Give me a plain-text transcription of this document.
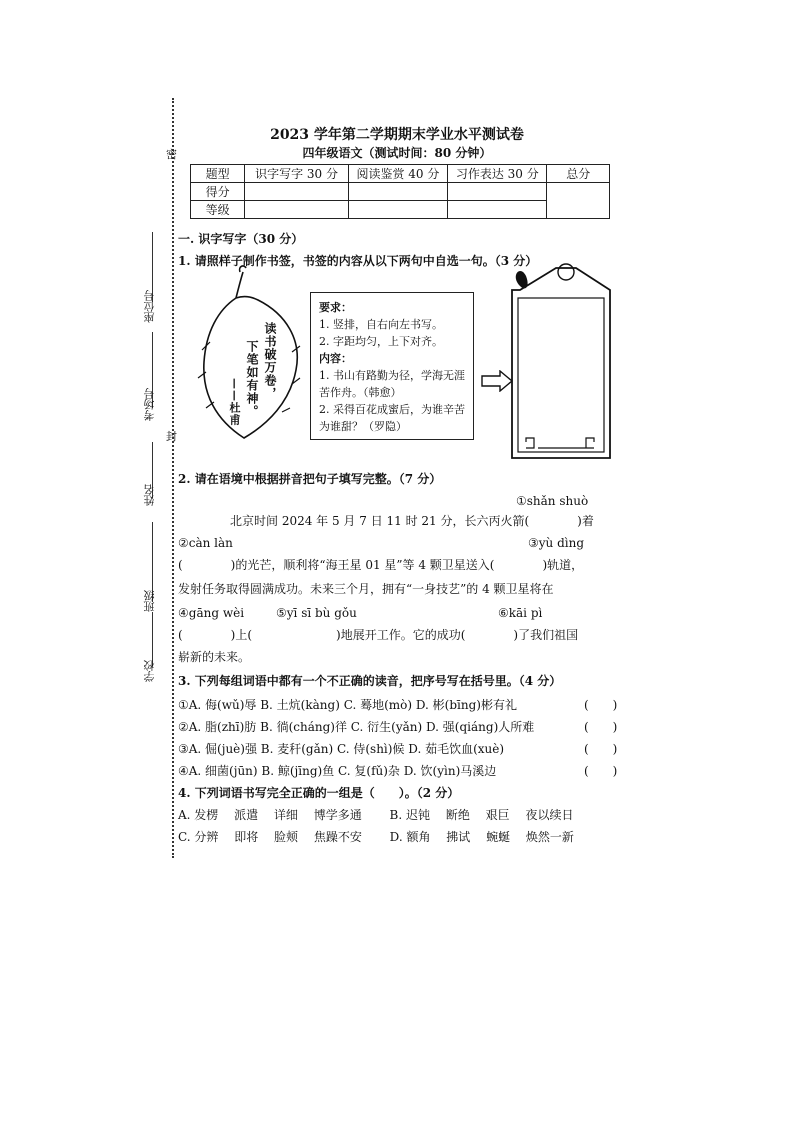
密
封
座位号
考场号
姓名
班级
学校
2023 学年第二学期期末学业水平测试卷
四年级语文（测试时间：80 分钟）
题型	识字写字 30 分	阅读鉴赏 40 分	习作表达 30 分	总分
得分				
等级				
一. 识字写字（30 分）
1. 请照样子制作书签，书签的内容从以下两句中自选一句。（3 分）
读书破万卷，
下笔如有神。
——杜甫
要求：
1. 竖排，自右向左书写。
2. 字距均匀，上下对齐。
内容：
1. 书山有路勤为径，学海无涯苦作舟。（韩愈）
2. 采得百花成蜜后，为谁辛苦为谁甜？（罗隐）
2. 请在语境中根据拼音把句子填写完整。（7 分）
①shǎn shuò
北京时间 2024 年 5 月 7 日 11 时 21 分，长六丙火箭(　　　　)着
②càn làn	③yù dìng
(　　　　)的光芒，顺利将“海王星 01 星”等 4 颗卫星送入(　　　　)轨道，
发射任务取得圆满成功。未来三个月，拥有“一身技艺”的 4 颗卫星将在
④gāng wèi	⑤yī sī bù gǒu	⑥kāi pì
(　　　　)上(　　　　　　　)地展开工作。它的成功(　　　　)了我们祖国
崭新的未来。
3. 下列每组词语中都有一个不正确的读音，把序号写在括号里。（4 分）
①A. 侮(wǔ)辱 B. 土炕(kàng) C. 蓦地(mò) D. 彬(bīng)彬有礼	(　　)
②A. 脂(zhī)肪 B. 徜(cháng)徉 C. 衍生(yǎn) D. 强(qiáng)人所难	(　　)
③A. 倔(juè)强 B. 麦秆(gǎn) C. 侍(shì)候 D. 茹毛饮血(xuè)	(　　)
④A. 细菌(jūn) B. 鲸(jīng)鱼 C. 复(fǔ)杂 D. 饮(yìn)马溪边	(　　)
4. 下列词语书写完全正确的一组是（　　）。（2 分）
A. 发楞　 派遣　 详细　 博学多通　　 B. 迟钝　 断绝　 艰巨　 夜以续日
C. 分辨　 即将　 脸颊　 焦躁不安　　 D. 额角　 拂试　 蜿蜒　 焕然一新
